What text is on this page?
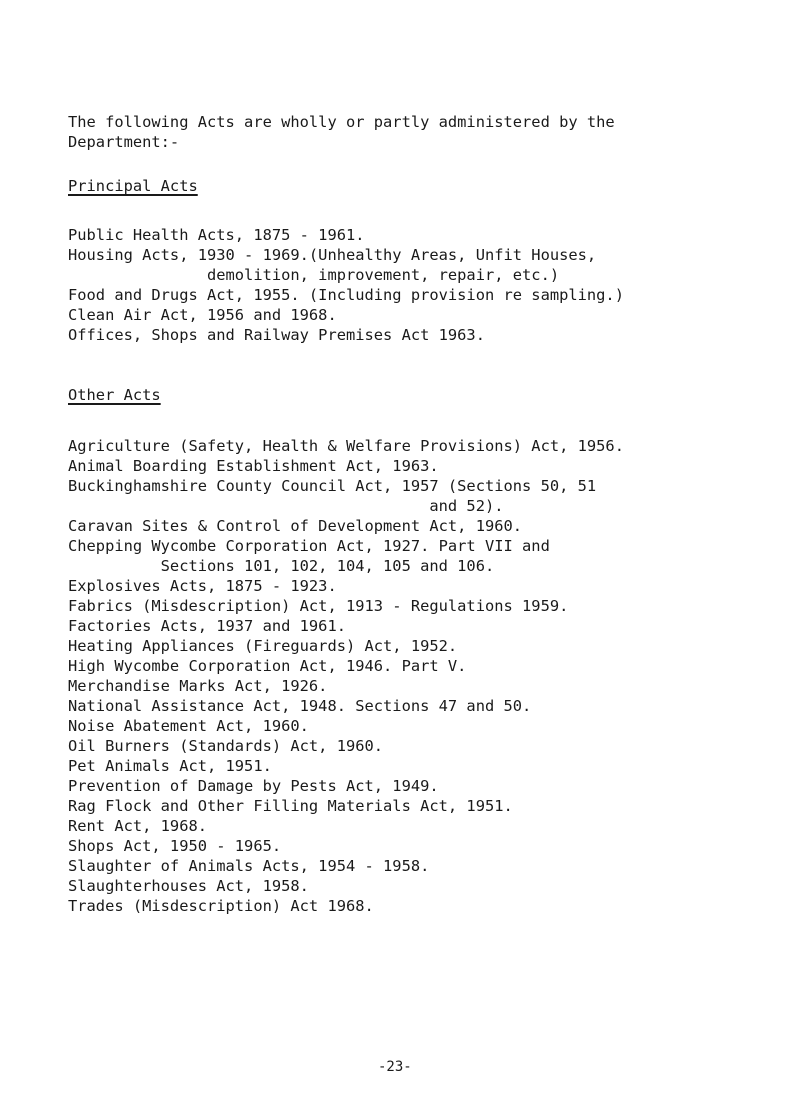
The following Acts are wholly or partly administered by the
Department:-
Principal Acts
Public Health Acts, 1875 - 1961.
Housing Acts, 1930 - 1969.(Unhealthy Areas, Unfit Houses,
demolition, improvement, repair, etc.)
Food and Drugs Act, 1955. (Including provision re sampling.)
Clean Air Act, 1956 and 1968.
Offices, Shops and Railway Premises Act 1963.
Other Acts
Agriculture (Safety, Health & Welfare Provisions) Act, 1956.
Animal Boarding Establishment Act, 1963.
Buckinghamshire County Council Act, 1957 (Sections 50, 51
and 52).
Caravan Sites & Control of Development Act, 1960.
Chepping Wycombe Corporation Act, 1927. Part VII and
Sections 101, 102, 104, 105 and 106.
Explosives Acts, 1875 - 1923.
Fabrics (Misdescription) Act, 1913 - Regulations 1959.
Factories Acts, 1937 and 1961.
Heating Appliances (Fireguards) Act, 1952.
High Wycombe Corporation Act, 1946. Part V.
Merchandise Marks Act, 1926.
National Assistance Act, 1948. Sections 47 and 50.
Noise Abatement Act, 1960.
Oil Burners (Standards) Act, 1960.
Pet Animals Act, 1951.
Prevention of Damage by Pests Act, 1949.
Rag Flock and Other Filling Materials Act, 1951.
Rent Act, 1968.
Shops Act, 1950 - 1965.
Slaughter of Animals Acts, 1954 - 1958.
Slaughterhouses Act, 1958.
Trades (Misdescription) Act 1968.
-23-
